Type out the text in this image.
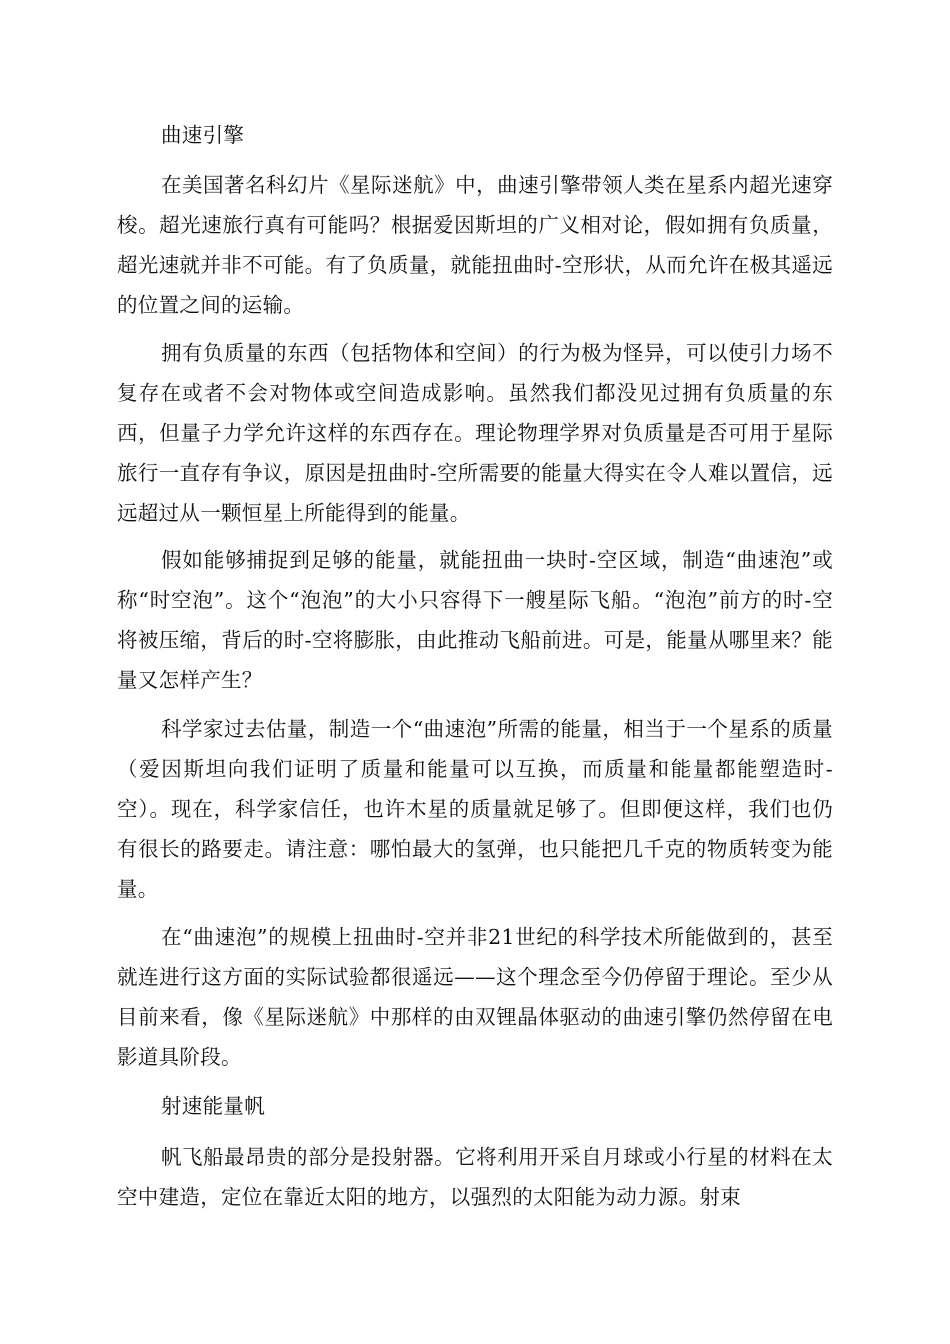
曲速引擎

在美国著名科幻片《星际迷航》中，曲速引擎带领人类在星系内超光速穿梭。超光速旅行真有可能吗？根据爱因斯坦的广义相对论，假如拥有负质量，超光速就并非不可能。有了负质量，就能扭曲时-空形状，从而允许在极其遥远的位置之间的运输。

拥有负质量的东西（包括物体和空间）的行为极为怪异，可以使引力场不复存在或者不会对物体或空间造成影响。虽然我们都没见过拥有负质量的东西，但量子力学允许这样的东西存在。理论物理学界对负质量是否可用于星际旅行一直存有争议，原因是扭曲时-空所需要的能量大得实在令人难以置信，远远超过从一颗恒星上所能得到的能量。

假如能够捕捉到足够的能量，就能扭曲一块时-空区域，制造“曲速泡”或称“时空泡”。这个“泡泡”的大小只容得下一艘星际飞船。“泡泡”前方的时-空将被压缩，背后的时-空将膨胀，由此推动飞船前进。可是，能量从哪里来？能量又怎样产生？

科学家过去估量，制造一个“曲速泡”所需的能量，相当于一个星系的质量（爱因斯坦向我们证明了质量和能量可以互换，而质量和能量都能塑造时-空）。现在，科学家信任，也许木星的质量就足够了。但即便这样，我们也仍有很长的路要走。请注意：哪怕最大的氢弹，也只能把几千克的物质转变为能量。

在“曲速泡”的规模上扭曲时-空并非21世纪的科学技术所能做到的，甚至就连进行这方面的实际试验都很遥远——这个理念至今仍停留于理论。至少从目前来看，像《星际迷航》中那样的由双锂晶体驱动的曲速引擎仍然停留在电影道具阶段。

射速能量帆

帆飞船最昂贵的部分是投射器。它将利用开采自月球或小行星的材料在太空中建造，定位在靠近太阳的地方，以强烈的太阳能为动力源。射束
